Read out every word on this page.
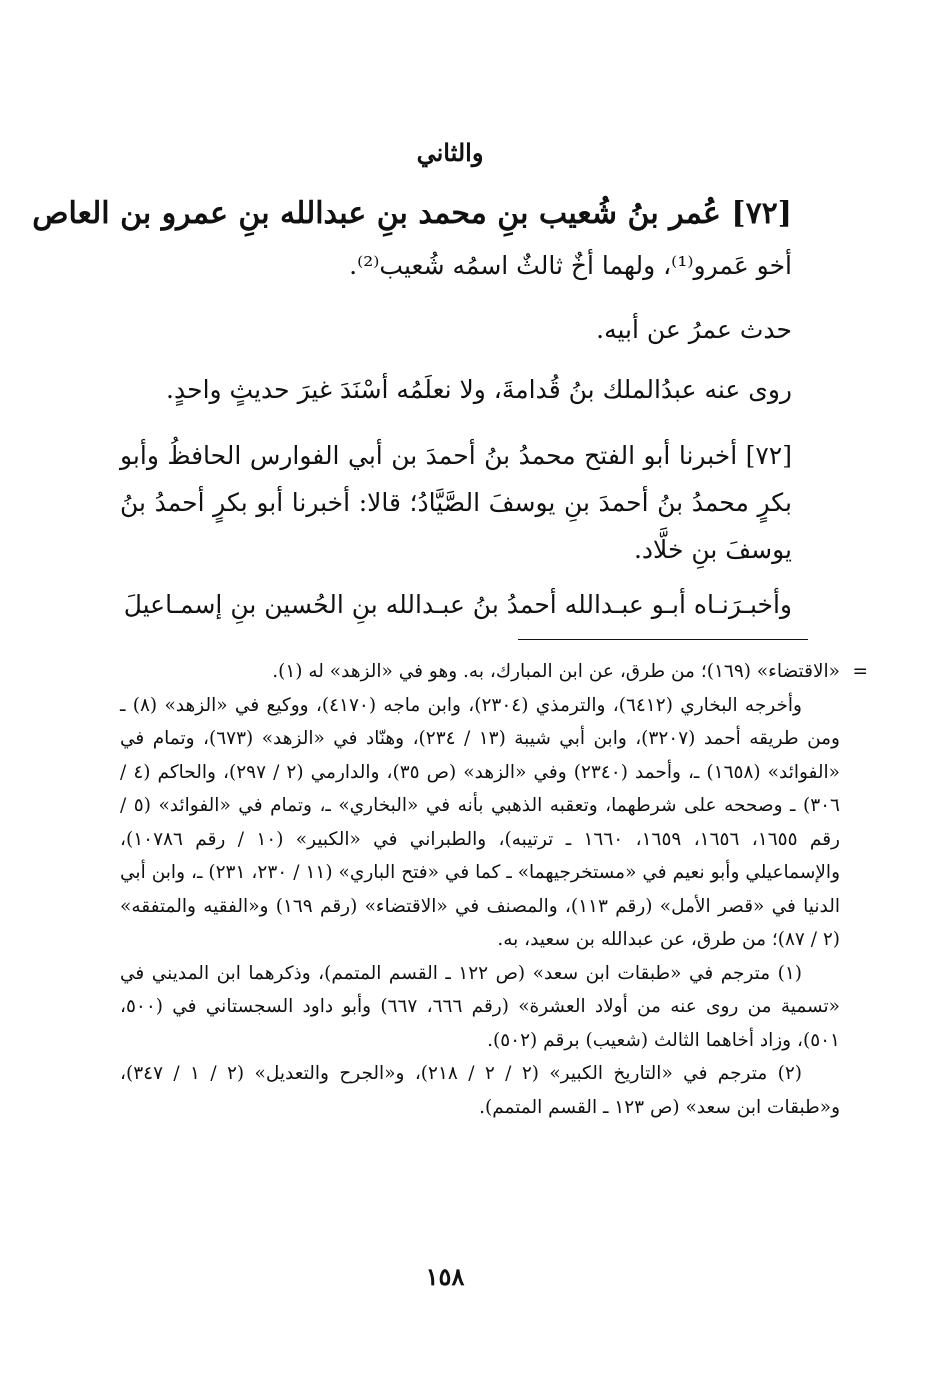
والثاني
[٧٢] عُمر بنُ شُعيب بنِ محمد بنِ عبدالله بنِ عمرو بن العاص
أخو عَمرو⁽¹⁾، ولهما أخٌ ثالثٌ اسمُه شُعيب⁽²⁾.
حدث عمرُ عن أبيه.
روى عنه عبدُالملك بنُ قُدامةَ، ولا نعلَمُه أسْنَدَ غيرَ حديثٍ واحدٍ.
[٧٢] أخبرنا أبو الفتح محمدُ بنُ أحمدَ بن أبي الفوارس الحافظُ وأبو بكرٍ محمدُ بنُ أحمدَ بنِ يوسفَ الصَّيَّادُ؛ قالا: أخبرنا أبو بكرٍ أحمدُ بنُ يوسفَ بنِ خلَّاد.
وأخبـرَنـاه أبـو عبـدالله أحمدُ بنُ عبـدالله بنِ الحُسين بنِ إسمـاعيلَ

=
«الاقتضاء» (١٦٩)؛ من طرق، عن ابن المبارك، به. وهو في «الزهد» له (١).

وأخرجه البخاري (٦٤١٢)، والترمذي (٢٣٠٤)، وابن ماجه (٤١٧٠)، ووكيع في «الزهد» (٨) ـ ومن طريقه أحمد (٣٢٠٧)، وابن أبي شيبة (١٣ / ٢٣٤)، وهنّاد في «الزهد» (٦٧٣)، وتمام في «الفوائد» (١٦٥٨) ـ، وأحمد (٢٣٤٠) وفي «الزهد» (ص ٣٥)، والدارمي (٢ / ٢٩٧)، والحاكم (٤ / ٣٠٦) ـ وصححه على شرطهما، وتعقبه الذهبي بأنه في «البخاري» ـ، وتمام في «الفوائد» (٥ / رقم ١٦٥٥، ١٦٥٦، ١٦٥٩، ١٦٦٠ ـ ترتيبه)، والطبراني في «الكبير» (١٠ / رقم ١٠٧٨٦)، والإسماعيلي وأبو نعيم في «مستخرجيهما» ـ كما في «فتح الباري» (١١ / ٢٣٠، ٢٣١) ـ، وابن أبي الدنيا في «قصر الأمل» (رقم ١١٣)، والمصنف في «الاقتضاء» (رقم ١٦٩) و«الفقيه والمتفقه» (٢ / ٨٧)؛ من طرق، عن عبدالله بن سعيد، به.

(١) مترجم في «طبقات ابن سعد» (ص ١٢٢ ـ القسم المتمم)، وذكرهما ابن المديني في «تسمية من روى عنه من أولاد العشرة» (رقم ٦٦٦، ٦٦٧) وأبو داود السجستاني في (٥٠٠، ٥٠١)، وزاد أخاهما الثالث (شعيب) برقم (٥٠٢).

(٢) مترجم في «التاريخ الكبير» (٢ / ٢ / ٢١٨)، و«الجرح والتعديل» (٢ / ١ / ٣٤٧)، و«طبقات ابن سعد» (ص ١٢٣ ـ القسم المتمم).

١٥٨
